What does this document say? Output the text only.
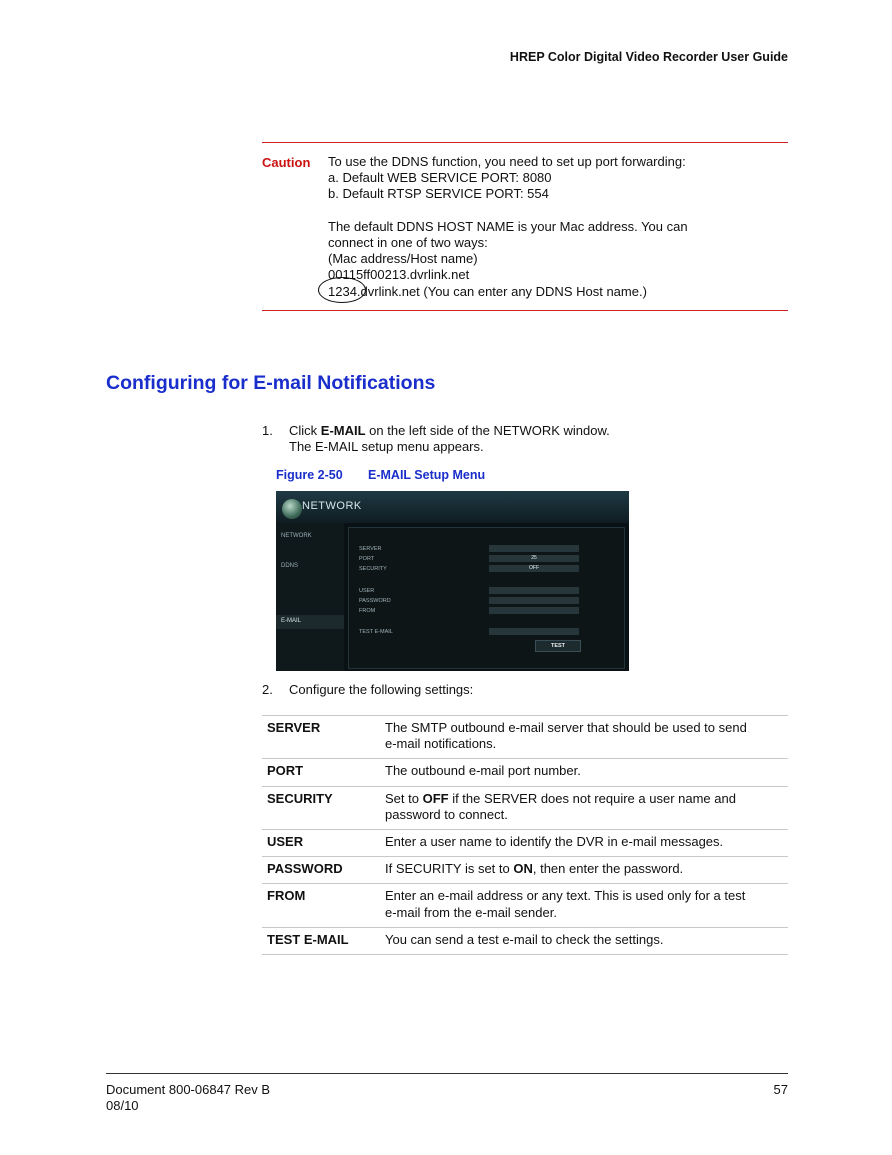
HREP Color Digital Video Recorder User Guide
Caution To use the DDNS function, you need to set up port forwarding:
a. Default WEB SERVICE PORT: 8080
b. Default RTSP SERVICE PORT: 554

The default DDNS HOST NAME is your Mac address. You can
connect in one of two ways:
(Mac address/Host name)
00115ff00213.dvrlink.net
1234.dvrlink.net (You can enter any DDNS Host name.)
Configuring for E-mail Notifications
1.	Click E-MAIL on the left side of the NETWORK window.
The E-MAIL setup menu appears.
Figure 2-50 E-MAIL Setup Menu
NETWORK
NETWORK
DDNS
E-MAIL
SERVER
PORT	25
SECURITY	OFF
USER
PASSWORD
FROM
TEST E-MAIL
TEST
2.	Configure the following settings:
SERVER	The SMTP outbound e-mail server that should be used to send
e-mail notifications.
PORT	The outbound e-mail port number.
SECURITY	Set to OFF if the SERVER does not require a user name and
password to connect.
USER	Enter a user name to identify the DVR in e-mail messages.
PASSWORD	If SECURITY is set to ON, then enter the password.
FROM	Enter an e-mail address or any text. This is used only for a test
e-mail from the e-mail sender.
TEST E-MAIL	You can send a test e-mail to check the settings.
Document 800-06847 Rev B
08/10
57
